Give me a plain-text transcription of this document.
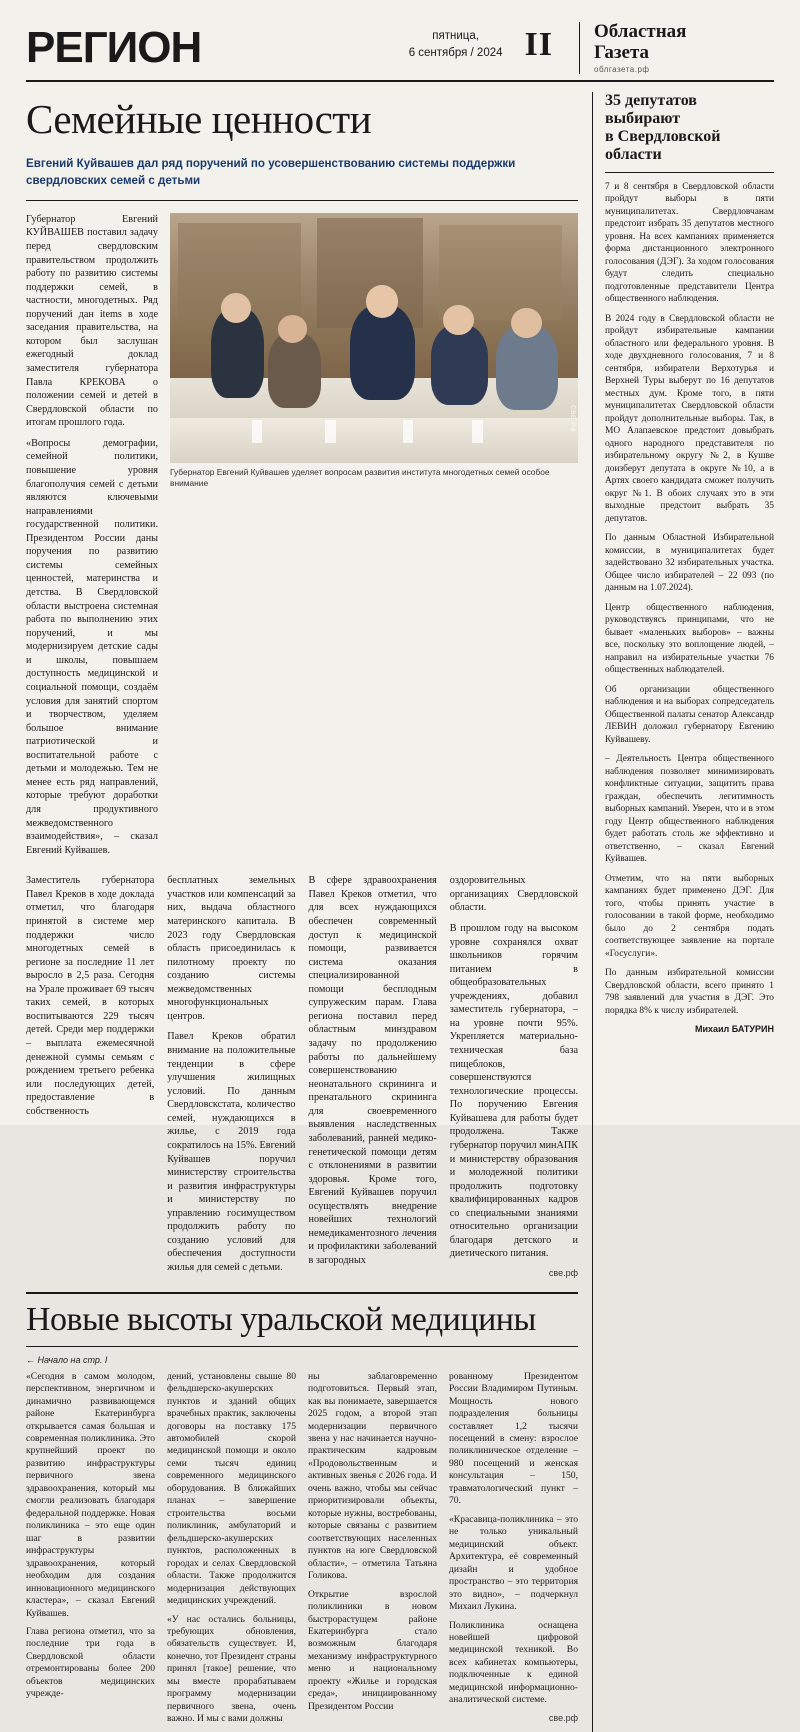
РЕГИОН	пятница,
6 сентября / 2024 II Областная
Газета
облгазета.рф
Семейные ценности
Евгений Куйвашев дал ряд поручений по усовершенствованию системы поддержки свердловских семей с детьми

Губернатор Евгений КУЙВАШЕВ поставил задачу перед свердловским правительством продолжить работу по развитию системы поддержки семей, в частности, многодетных. Ряд поручений дан items в ходе заседания правительства, на котором был заслушан ежегодный доклад заместителя губернатора Павла КРЕКОВА о положении семей и детей в Свердловской области по итогам прошлого года.

«Вопросы демографии, семейной политики, повышение уровня благополучия семей с детьми являются ключевыми направлениями государственной политики. Президентом России даны поручения по развитию системы семейных ценностей, материнства и детства. В Свердловской области выстроена системная работа по выполнению этих поручений, и мы модернизируем детские сады и школы, повышаем доступность медицинской и социальной помощи, создаём условия для занятий спортом и творчеством, уделяем большое внимание патриотической и воспитательной работе с детьми и молодежью. Тем не менее есть ряд направлений, которые требуют доработки для продуктивного межведомственного взаимодействия», – сказал Евгений Куйвашев.

СВЕ.РФ
Губернатор Евгений Куйвашев уделяет вопросам развития института многодетных семей особое внимание

Заместитель губернатора Павел Креков в ходе доклада отметил, что благодаря принятой в системе мер поддержки число многодетных семей в регионе за последние 11 лет выросло в 2,5 раза. Сегодня на Урале проживает 69 тысяч таких семей, в которых воспитываются 229 тысяч детей. Среди мер поддержки – выплата ежемесячной денежной суммы семьям с рождением третьего ребенка или последующих детей, предоставление в собственность

бесплатных земельных участков или компенсаций за них, выдача областного материнского капитала. В 2023 году Свердловская область присоединилась к пилотному проекту по созданию системы межведомственных многофункциональных центров.

Павел Креков обратил внимание на положительные тенденции в сфере улучшения жилищных условий. По данным Свердловскстата, количество семей, нуждающихся в жилье, с 2019 года сократилось на 15%. Евгений Куйвашев поручил министерству строительства и развития инфраструктуры и министерству по управлению госимуществом продолжить работу по созданию условий для обеспечения доступности жилья для семей с детьми.

В сфере здравоохранения Павел Креков отметил, что для всех нуждающихся обеспечен современный доступ к медицинской помощи, развивается система оказания специализированной помощи бесплодным супружеским парам. Глава региона поставил перед областным минздравом задачу по продолжению работы по дальнейшему совершенствованию неонатального скрининга и пренатального скрининга для своевременного выявления наследственных заболеваний, ранней медико-генетической помощи детям с отклонениями в развитии здоровья. Кроме того, Евгений Куйвашев поручил осуществлять внедрение новейших технологий немедикаментозного лечения и профилактики заболеваний в загородных

оздоровительных организациях Свердловской области.

В прошлом году на высоком уровне сохранялся охват школьников горячим питанием в общеобразовательных учреждениях, добавил заместитель губернатора, – на уровне почти 95%. Укрепляется материально-техническая база пищеблоков, совершенствуются технологические процессы. По поручению Евгения Куйвашева для работы будет продолжена. Также губернатор поручил минАПК и министерству образования и молодежной политики продолжить подготовку квалифицированных кадров со специальными знаниями относительно организации благодаря детского и диетического питания.

све.рф
Новые высоты уральской медицины
← Начало на стр. I

«Сегодня в самом молодом, перспективном, энергичном и динамично развивающемся районе Екатеринбурга открывается самая большая и современная поликлиника. Это крупнейший проект по развитию инфраструктуры первичного звена здравоохранения, который мы смогли реализовать благодаря федеральной поддержке. Новая поликлиника – это еще один шаг в развитии инфраструктуры здравоохранения, который необходим для создания инновационного медицинского кластера», – сказал Евгений Куйвашев.

Глава региона отметил, что за последние три года в Свердловской области отремонтированы более 200 объектов медицинских учрежде-

дений, установлены свыше 80 фельдшерско-акушерских пунктов и зданий общих врачебных практик, заключены договоры на поставку 175 автомобилей скорой медицинской помощи и около семи тысяч единиц современного медицинского оборудования. В ближайших планах – завершение строительства восьми поликлиник, амбулаторий и фельдшерско-акушерских пунктов, расположенных в городах и селах Свердловской области. Также продолжится модернизация действующих медицинских учреждений.

«У нас остались больницы, требующих обновления, обязательств существует. И, конечно, тот Президент страны принял [такое] решение, что мы вместе прорабатываем программу модернизации первичного звена, очень важно. И мы с вами должны

ны заблаговременно подготовиться. Первый этап, как вы понимаете, завершается 2025 годом, а второй этап модернизации первичного звена у нас начинается научно-практическим кадровым «Продовольственным и активных звенья с 2026 года. И очень важно, чтобы мы сейчас приоритизировали объекты, которые нужны, востребованы, которые связаны с развитием соответствующих населенных пунктов на юге Свердловской области», – отметила Татьяна Голикова.

Открытие взрослой поликлиники в новом быстрорастущем районе Екатеринбурга стало возможным благодаря механизму инфраструктурного меню и национальному проекту «Жилье и городская среда», инициированному Президентом России

рованному Президентом России Владимиром Путиным. Мощность нового подразделения больницы составляет 1,2 тысячи посещений в смену: взрослое поликлиническое отделение – 980 посещений и женская консультация – 150, травматологический пункт – 70.

«Красавица-поликлиника – это не только уникальный медицинский объект. Архитектура, её современный дизайн и удобное пространство – это территория это видно», – подчеркнул Михаил Лукина.

Поликлиника оснащена новейшей цифровой медицинской техникой. Во всех кабинетах компьютеры, подключенные к единой медицинской информационно-аналитической системе.

све.рф
35 депутатов
выбирают
в Свердловской
области

7 и 8 сентября в Свердловской области пройдут выборы в пяти муниципалитетах. Свердловчанам предстоит избрать 35 депутатов местного уровня. На всех кампаниях применяется форма дистанционного электронного голосования (ДЭГ). За ходом голосования будут следить специально подготовленные представители Центра общественного наблюдения.

В 2024 году в Свердловской области не пройдут избирательные кампании областного или федерального уровня. В ходе двухдневного голосования, 7 и 8 сентября, избиратели Верхотурья и Верхней Туры выберут по 16 депутатов местных дум. Кроме того, в пяти муниципалитетах Свердловской области пройдут дополнительные выборы. Так, в МО Алапаевское предстоит довыбрать одного народного представителя по избирательному округу №2, в Кушве доизберут депутата в округе №10, а в Артях своего кандидата сможет получить округ №1. В обоих случаях это в эти выходные предстоит выбрать 35 депутатов.

По данным Областной Избирательной комиссии, в муниципалитетах будет задействовано 32 избирательных участка. Общее число избирателей – 22 093 (по данным на 1.07.2024).

Центр общественного наблюдения, руководствуясь принципами, что не бывает «маленьких выборов» – важны все, поскольку это воплощение людей, – направил на избирательные участки 76 общественных наблюдателей.

Об организации общественного наблюдения и на выборах сопредседатель Общественной палаты сенатор Александр ЛЕВИН доложил губернатору Евгению Куйвашеву.

– Деятельность Центра общественного наблюдения позволяет минимизировать конфликтные ситуации, защитить права граждан, обеспечить легитимность выборных кампаний. Уверен, что и в этом году Центр общественного наблюдения будет работать столь же эффективно и ответственно, – сказал Евгений Куйвашев.

Отметим, что на пяти выборных кампаниях будет применено ДЭГ. Для того, чтобы принять участие в голосовании в такой форме, необходимо было до 2 сентября подать соответствующее заявление на портале «Госуслуги».

По данным избирательной комиссии Свердловской области, всего принято 1 798 заявлений для участия в ДЭГ. Это порядка 8% к числу избирателей.

Михаил БАТУРИН
